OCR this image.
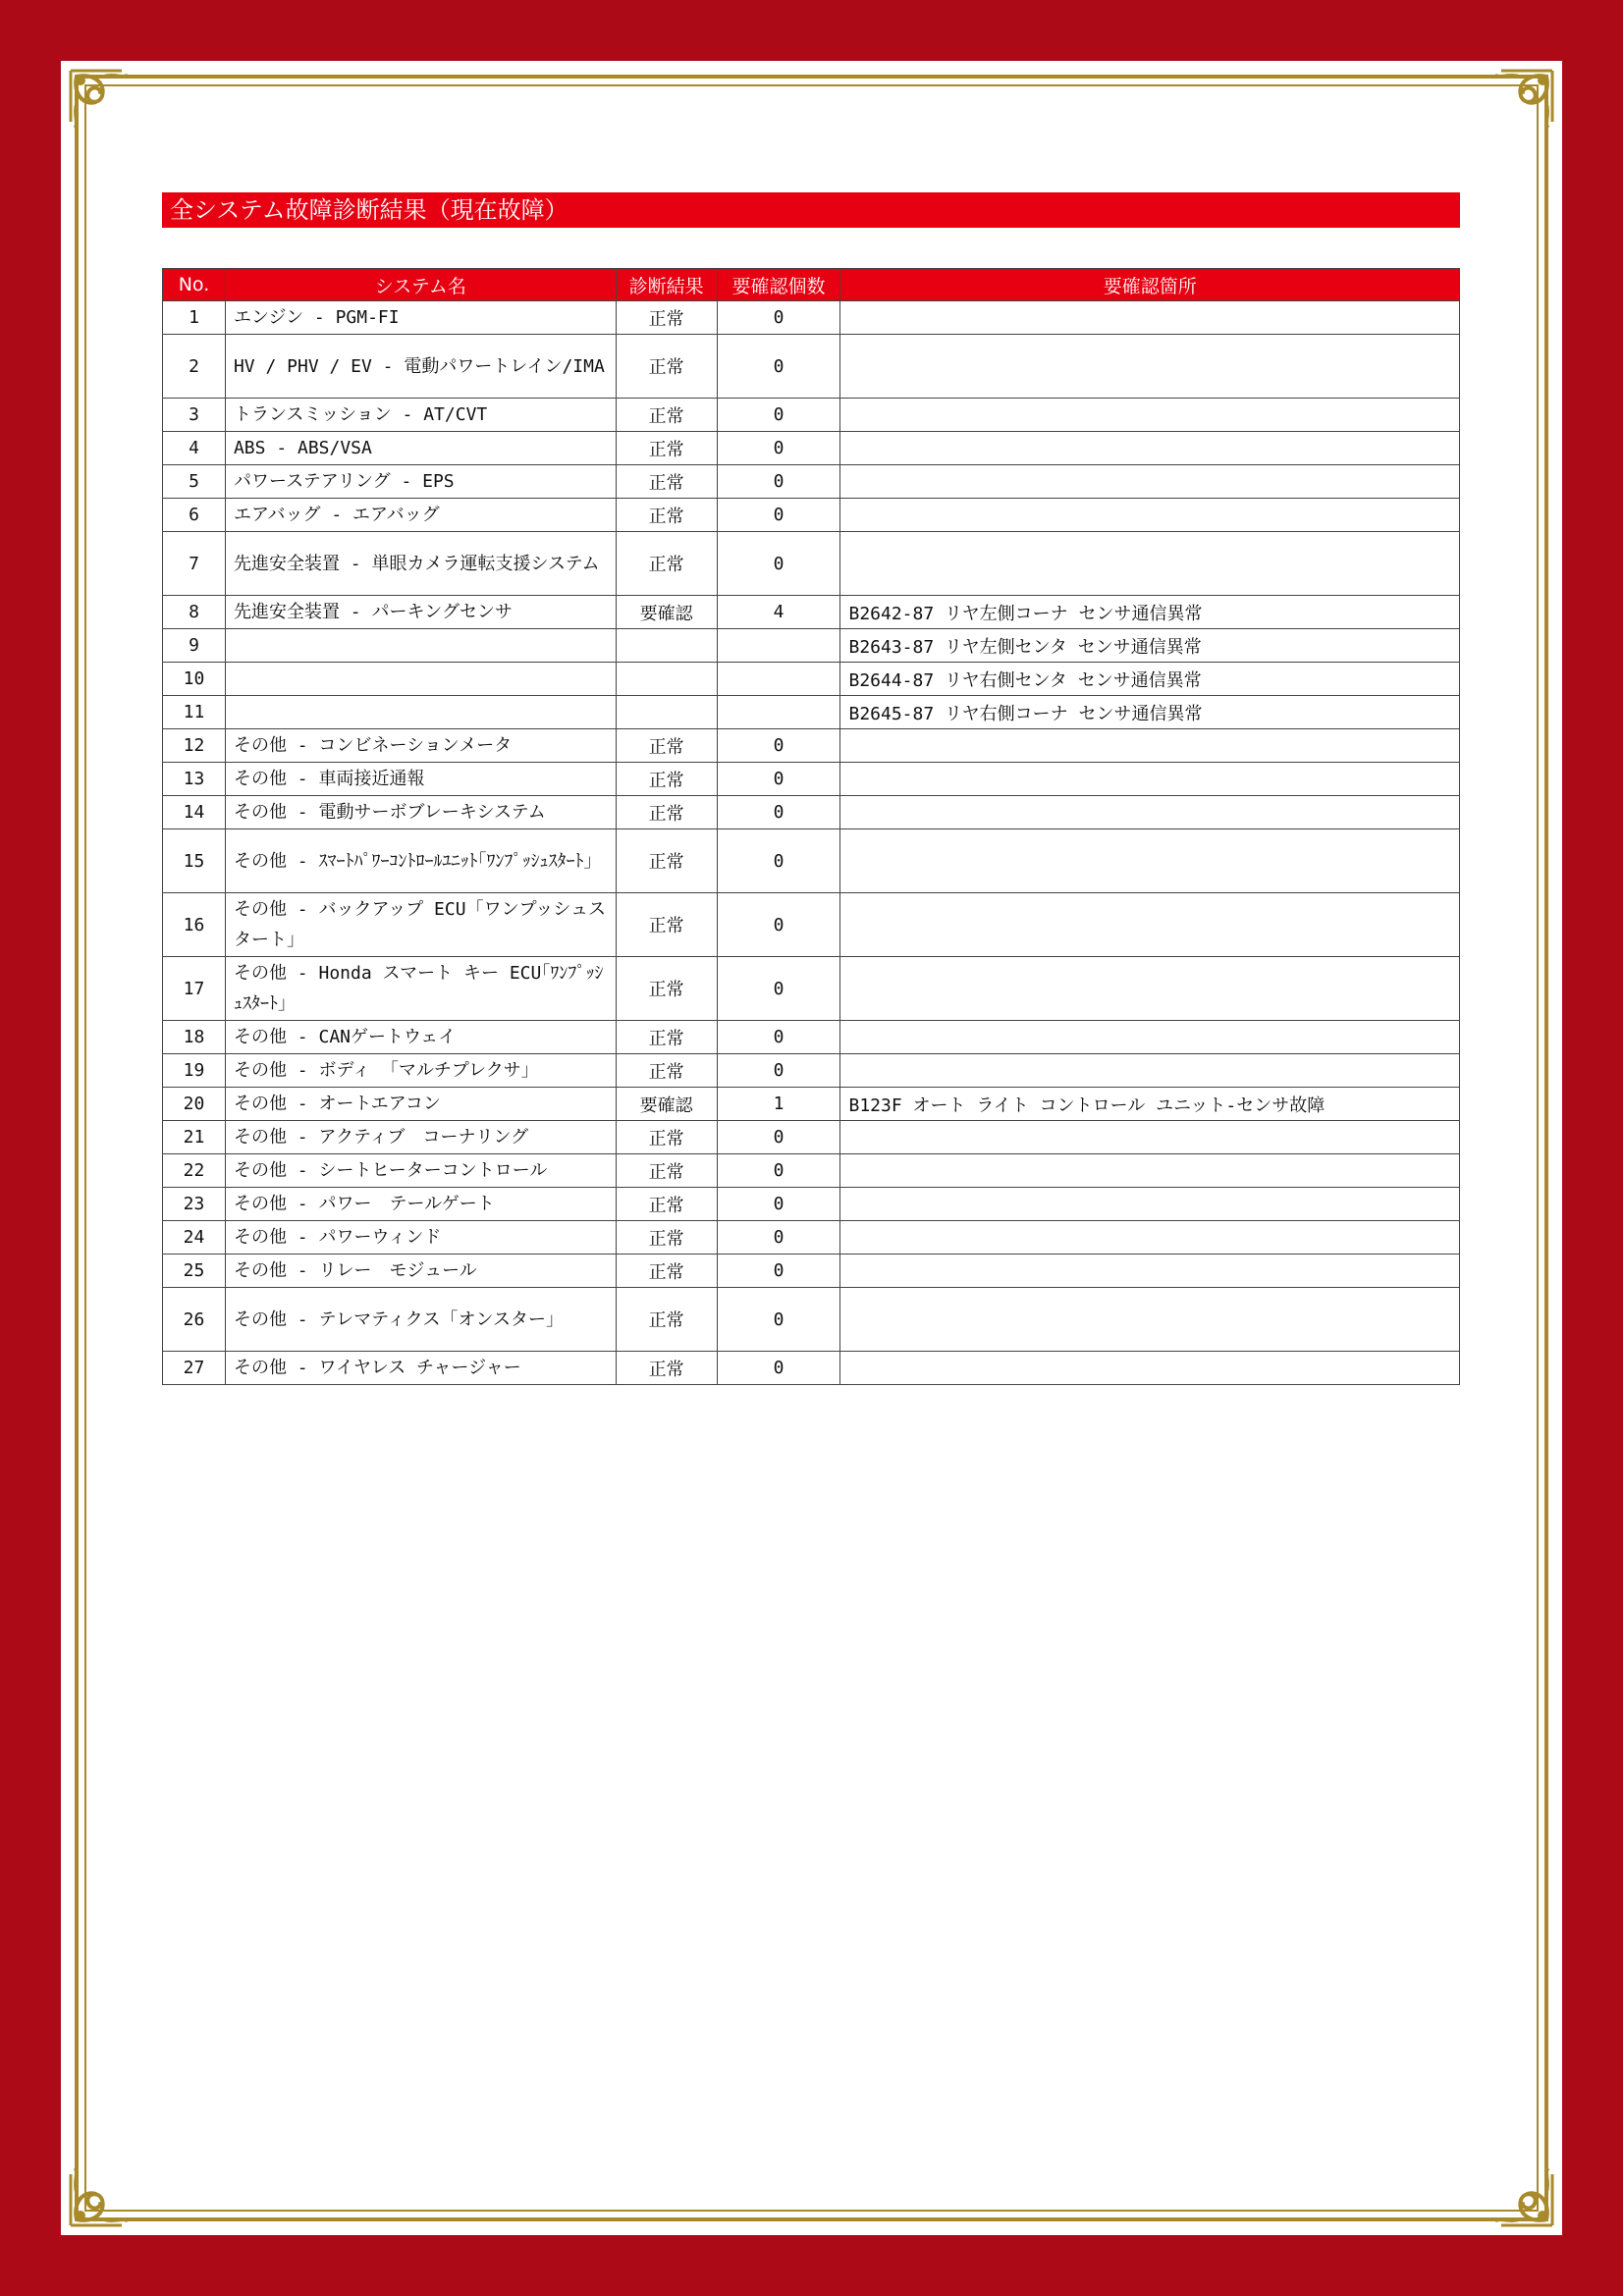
全システム故障診断結果（現在故障）
No.	システム名	診断結果	要確認個数	要確認箇所
1	エンジン - PGM-FI	正常	0	
2	HV / PHV / EV - 電動パワートレイン/IMA	正常	0	
3	トランスミッション - AT/CVT	正常	0	
4	ABS - ABS/VSA	正常	0	
5	パワーステアリング - EPS	正常	0	
6	エアバッグ - エアバッグ	正常	0	
7	先進安全装置 - 単眼カメラ運転支援システム	正常	0	
8	先進安全装置 - パーキングセンサ	要確認	4	B2642-87 リヤ左側コーナ センサ通信異常
9				B2643-87 リヤ左側センタ センサ通信異常
10				B2644-87 リヤ右側センタ センサ通信異常
11				B2645-87 リヤ右側コーナ センサ通信異常
12	その他 - コンビネーションメータ	正常	0	
13	その他 - 車両接近通報	正常	0	
14	その他 - 電動サーボブレーキシステム	正常	0	
15	その他 - ｽﾏｰﾄﾊﾟﾜｰｺﾝﾄﾛｰﾙﾕﾆｯﾄ｢ﾜﾝﾌﾟｯｼｭｽﾀｰﾄ｣	正常	0	
16	その他 - バックアップ ECU「ワンプッシュスタート」	正常	0	
17	その他 - Honda スマート キー ECU｢ﾜﾝﾌﾟｯｼｭｽﾀｰﾄ｣	正常	0	
18	その他 - CANゲートウェイ	正常	0	
19	その他 - ボディ 「マルチプレクサ」	正常	0	
20	その他 - オートエアコン	要確認	1	B123F オート ライト コントロール ユニット-センサ故障
21	その他 - アクティブ　コーナリング	正常	0	
22	その他 - シートヒーターコントロール	正常	0	
23	その他 - パワー　テールゲート	正常	0	
24	その他 - パワーウィンド	正常	0	
25	その他 - リレー　モジュール	正常	0	
26	その他 - テレマティクス「オンスター」	正常	0	
27	その他 - ワイヤレス チャージャー	正常	0	
